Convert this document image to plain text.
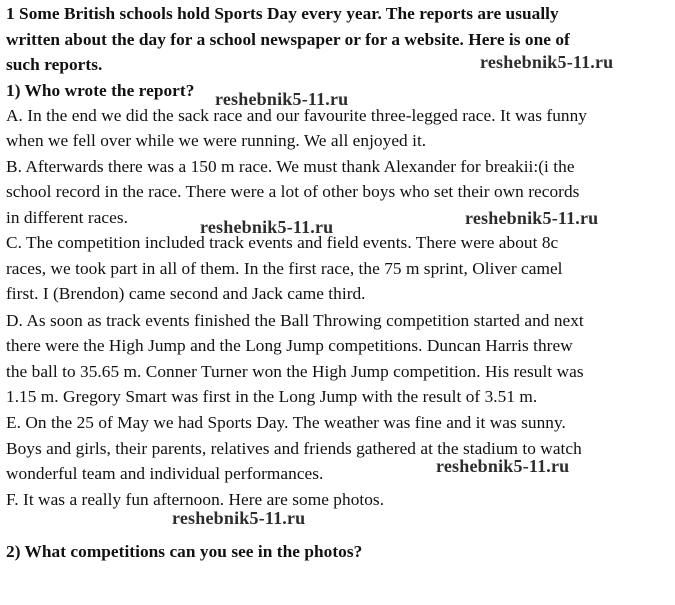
1 Some British schools hold Sports Day every year. The reports are usually
written about the day for a school newspaper or for a website. Here is one of
such reports.
1) Who wrote the report?
A. In the end we did the sack race and our favourite three-legged race. It was funny
when we fell over while we were running. We all enjoyed it.
B. Afterwards there was a 150 m race. We must thank Alexander for breakii:(i the
school record in the race. There were a lot of other boys who set their own records
in different races.
C. The competition included track events and field events. There were about 8c
races, we took part in all of them. In the first race, the 75 m sprint, Oliver camel
first. I (Brendon) came second and Jack came third.
D. As soon as track events finished the Ball Throwing competition started and next
there were the High Jump and the Long Jump competitions. Duncan Harris threw
the ball to 35.65 m. Conner Turner won the High Jump competition. His result was
1.15 m. Gregory Smart was first in the Long Jump with the result of 3.51 m.
E. On the 25 of May we had Sports Day. The weather was fine and it was sunny.
Boys and girls, their parents, relatives and friends gathered at the stadium to watch
wonderful team and individual performances.
F. It was a really fun afternoon. Here are some photos.
2) What competitions can you see in the photos?
reshebnik5-11.ru
reshebnik5-11.ru
reshebnik5-11.ru	reshebnik5-11.ru
reshebnik5-11.ru
reshebnik5-11.ru
